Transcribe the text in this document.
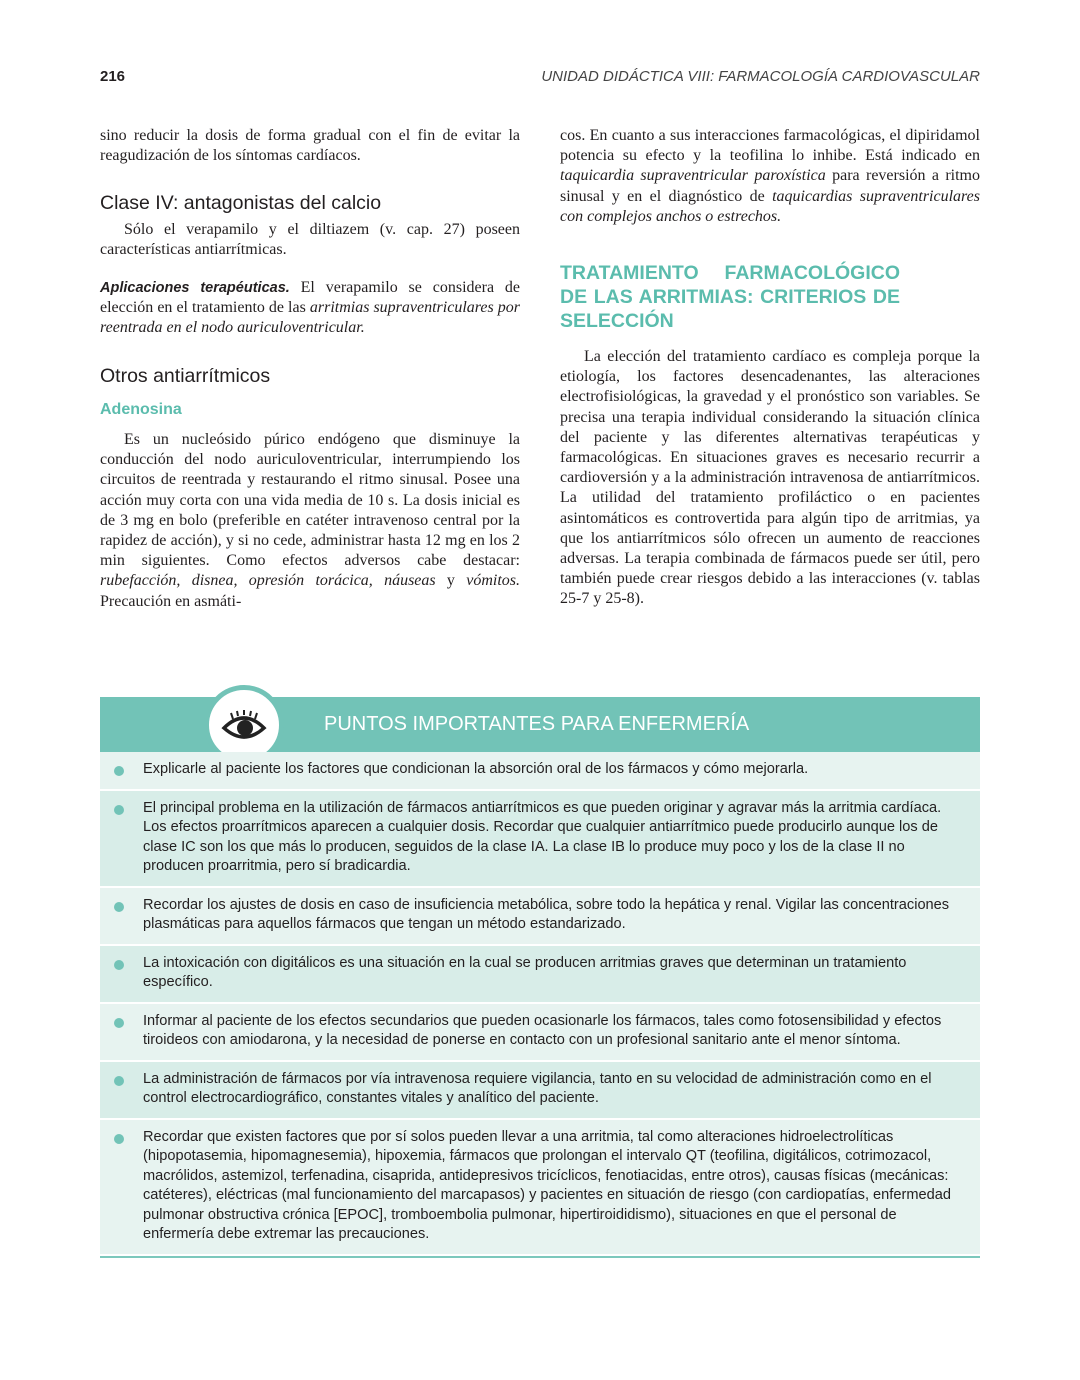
216	UNIDAD DIDÁCTICA VIII: FARMACOLOGÍA CARDIOVASCULAR

sino reducir la dosis de forma gradual con el fin de evitar la reagudización de los síntomas cardíacos.

Clase IV: antagonistas del calcio

Sólo el verapamilo y el diltiazem (v. cap. 27) poseen características antiarrítmicas.

Aplicaciones terapéuticas. El verapamilo se considera de elección en el tratamiento de las arritmias supraventriculares por reentrada en el nodo auriculoventricular.

Otros antiarrítmicos
Adenosina

Es un nucleósido púrico endógeno que disminuye la conducción del nodo auriculoventricular, interrumpiendo los circuitos de reentrada y restaurando el ritmo sinusal. Posee una acción muy corta con una vida media de 10 s. La dosis inicial es de 3 mg en bolo (preferible en catéter intravenoso central por la rapidez de acción), y si no cede, administrar hasta 12 mg en los 2 min siguientes. Como efectos adversos cabe destacar: rubefacción, disnea, opresión torácica, náuseas y vómitos. Precaución en asmáti-

cos. En cuanto a sus interacciones farmacológicas, el dipiridamol potencia su efecto y la teofilina lo inhibe. Está indicado en taquicardia supraventricular paroxística para reversión a ritmo sinusal y en el diagnóstico de taquicardias supraventriculares con complejos anchos o estrechos.

TRATAMIENTO FARMACOLÓGICO DE LAS ARRITMIAS: CRITERIOS DE SELECCIÓN

La elección del tratamiento cardíaco es compleja porque la etiología, los factores desencadenantes, las alteraciones electrofisiológicas, la gravedad y el pronóstico son variables. Se precisa una terapia individual considerando la situación clínica del paciente y las diferentes alternativas terapéuticas y farmacológicas. En situaciones graves es necesario recurrir a cardioversión y a la administración intravenosa de antiarrítmicos. La utilidad del tratamiento profiláctico o en pacientes asintomáticos es controvertida para algún tipo de arritmias, ya que los antiarrítmicos sólo ofrecen un aumento de reacciones adversas. La terapia combinada de fármacos puede ser útil, pero también puede crear riesgos debido a las interacciones (v. tablas 25-7 y 25-8).

PUNTOS IMPORTANTES PARA ENFERMERÍA
Explicarle al paciente los factores que condicionan la absorción oral de los fármacos y cómo mejorarla.
El principal problema en la utilización de fármacos antiarrítmicos es que pueden originar y agravar más la arritmia cardíaca. Los efectos proarrítmicos aparecen a cualquier dosis. Recordar que cualquier antiarrítmico puede producirlo aunque los de clase IC son los que más lo producen, seguidos de la clase IA. La clase IB lo produce muy poco y los de la clase II no producen proarritmia, pero sí bradicardia.
Recordar los ajustes de dosis en caso de insuficiencia metabólica, sobre todo la hepática y renal. Vigilar las concentraciones plasmáticas para aquellos fármacos que tengan un método estandarizado.
La intoxicación con digitálicos es una situación en la cual se producen arritmias graves que determinan un tratamiento específico.
Informar al paciente de los efectos secundarios que pueden ocasionarle los fármacos, tales como fotosensibilidad y efectos tiroideos con amiodarona, y la necesidad de ponerse en contacto con un profesional sanitario ante el menor síntoma.
La administración de fármacos por vía intravenosa requiere vigilancia, tanto en su velocidad de administración como en el control electrocardiográfico, constantes vitales y analítico del paciente.
Recordar que existen factores que por sí solos pueden llevar a una arritmia, tal como alteraciones hidroelectrolíticas (hipopotasemia, hipomagnesemia), hipoxemia, fármacos que prolongan el intervalo QT (teofilina, digitálicos, cotrimozacol, macrólidos, astemizol, terfenadina, cisaprida, antidepresivos tricíclicos, fenotiacidas, entre otros), causas físicas (mecánicas: catéteres), eléctricas (mal funcionamiento del marcapasos) y pacientes en situación de riesgo (con cardiopatías, enfermedad pulmonar obstructiva crónica [EPOC], tromboembolia pulmonar, hipertiroididismo), situaciones en que el personal de enfermería debe extremar las precauciones.
